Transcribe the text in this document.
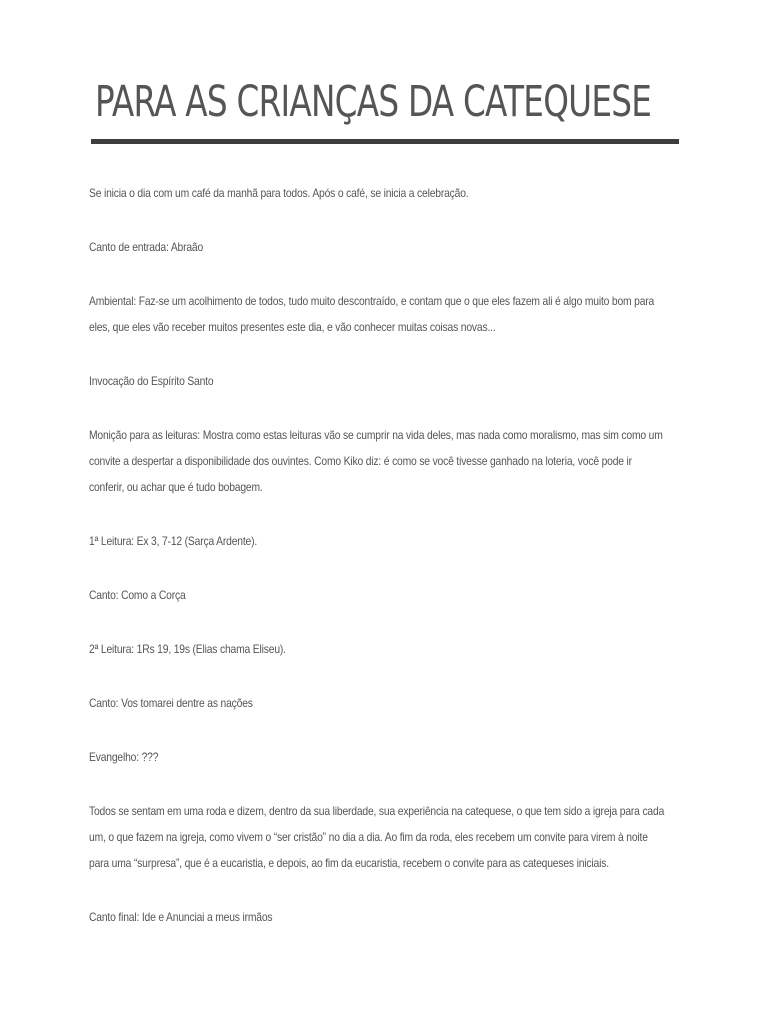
PARA AS CRIANÇAS DA CATEQUESE

Se inicia o dia com um café da manhã para todos. Após o café, se inicia a celebração.

Canto de entrada: Abraão

Ambiental: Faz-se um acolhimento de todos, tudo muito descontraído, e contam que o que eles fazem ali é algo muito bom para
eles, que eles vão receber muitos presentes este dia, e vão conhecer muitas coisas novas...

Invocação do Espírito Santo

Monição para as leituras: Mostra como estas leituras vão se cumprir na vida deles, mas nada como moralismo, mas sim como um
convite a despertar a disponibilidade dos ouvintes. Como Kiko diz: é como se você tivesse ganhado na loteria, você pode ir
conferir, ou achar que é tudo bobagem.

1ª Leitura: Ex 3, 7-12 (Sarça Ardente).

Canto: Como a Corça

2ª Leitura: 1Rs 19, 19s (Elias chama Eliseu).

Canto: Vos tomarei dentre as nações

Evangelho: ???

Todos se sentam em uma roda e dizem, dentro da sua liberdade, sua experiência na catequese, o que tem sido a igreja para cada
um, o que fazem na igreja, como vivem o “ser cristão” no dia a dia. Ao fim da roda, eles recebem um convite para virem à noite
para uma “surpresa”, que é a eucaristia, e depois, ao fim da eucaristia, recebem o convite para as catequeses iniciais.

Canto final: Ide e Anunciai a meus irmãos
